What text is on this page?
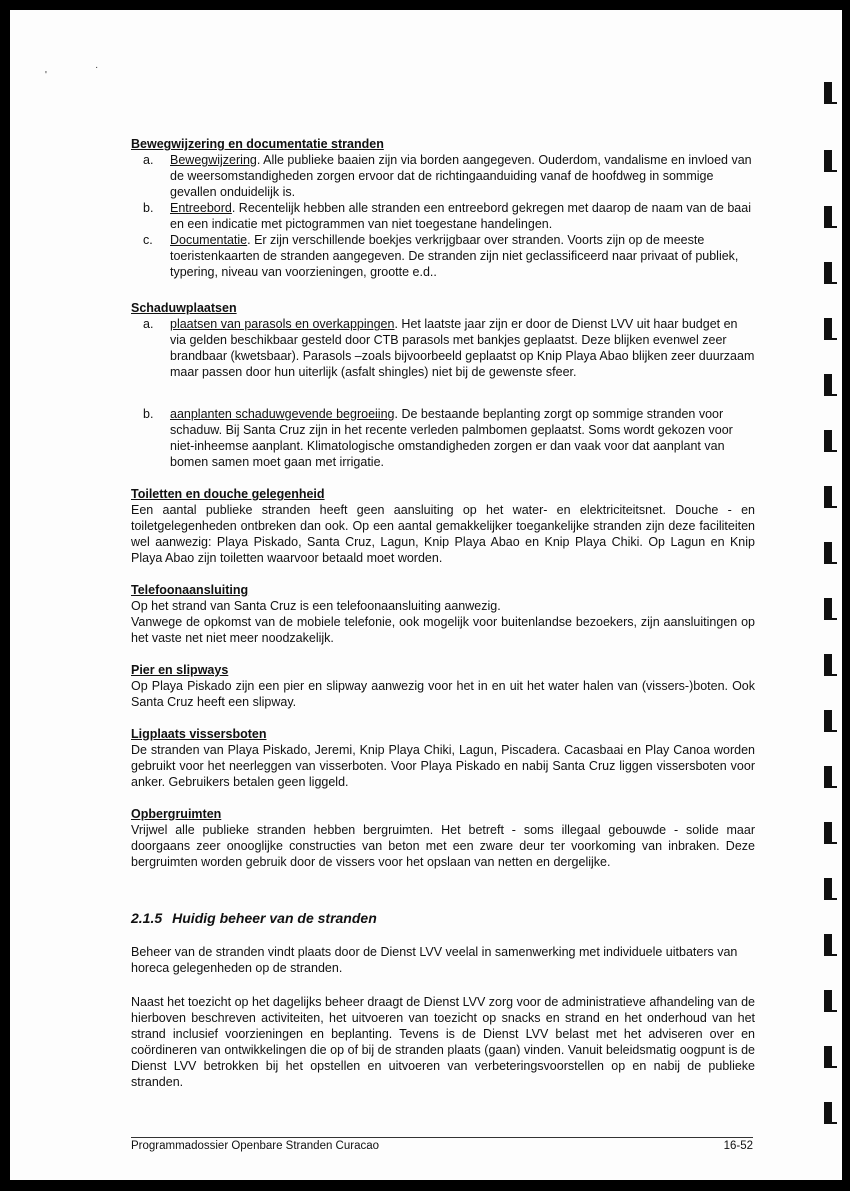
'
·
Bewegwijzering en documentatie stranden
a.	Bewegwijzering. Alle publieke baaien zijn via borden aangegeven. Ouderdom, vandalisme en invloed van de weersomstandigheden zorgen ervoor dat de richtingaanduiding vanaf de hoofdweg in sommige gevallen onduidelijk is.
b.	Entreebord. Recentelijk hebben alle stranden een entreebord gekregen met daarop de naam van de baai en een indicatie met pictogrammen van niet toegestane handelingen.
c.	Documentatie. Er zijn verschillende boekjes verkrijgbaar over stranden. Voorts zijn op de meeste toeristenkaarten de stranden aangegeven. De stranden zijn niet geclassificeerd naar privaat of publiek, typering, niveau van voorzieningen, grootte e.d..
Schaduwplaatsen
a.	plaatsen van parasols en overkappingen. Het laatste jaar zijn er door de Dienst LVV uit haar budget en via gelden beschikbaar gesteld door CTB parasols met bankjes geplaatst. Deze blijken evenwel zeer brandbaar (kwetsbaar). Parasols –zoals bijvoorbeeld geplaatst op Knip Playa Abao blijken zeer duurzaam maar passen door hun uiterlijk (asfalt shingles) niet bij de gewenste sfeer.
b.	aanplanten schaduwgevende begroeiing. De bestaande beplanting zorgt op sommige stranden voor schaduw. Bij Santa Cruz zijn in het recente verleden palmbomen geplaatst. Soms wordt gekozen voor niet-inheemse aanplant. Klimatologische omstandigheden zorgen er dan vaak voor dat aanplant van bomen samen moet gaan met irrigatie.
Toiletten en douche gelegenheid

Een aantal publieke stranden heeft geen aansluiting op het water- en elektriciteitsnet. Douche - en toiletgelegenheden ontbreken dan ook. Op een aantal gemakkelijker toegankelijke stranden zijn deze faciliteiten wel aanwezig: Playa Piskado, Santa Cruz, Lagun, Knip Playa Abao en Knip Playa Chiki. Op Lagun en Knip Playa Abao zijn toiletten waarvoor betaald moet worden.

Telefoonaansluiting

Op het strand van Santa Cruz is een telefoonaansluiting aanwezig.

Vanwege de opkomst van de mobiele telefonie, ook mogelijk voor buitenlandse bezoekers, zijn aansluitingen op het vaste net niet meer noodzakelijk.

Pier en slipways

Op Playa Piskado zijn een pier en slipway aanwezig voor het in en uit het water halen van (vissers-)boten. Ook Santa Cruz heeft een slipway.

Ligplaats vissersboten

De stranden van Playa Piskado, Jeremi, Knip Playa Chiki, Lagun, Piscadera. Cacasbaai en Play Canoa worden gebruikt voor het neerleggen van visserboten. Voor Playa Piskado en nabij Santa Cruz liggen vissersboten voor anker. Gebruikers betalen geen liggeld.

Opbergruimten

Vrijwel alle publieke stranden hebben bergruimten. Het betreft - soms illegaal gebouwde - solide maar doorgaans zeer onooglijke constructies van beton met een zware deur ter voorkoming van inbraken. Deze bergruimten worden gebruik door de vissers voor het opslaan van netten en dergelijke.

2.1.5 Huidig beheer van de stranden

Beheer van de stranden vindt plaats door de Dienst LVV veelal in samenwerking met individuele uitbaters van horeca gelegenheden op de stranden.

Naast het toezicht op het dagelijks beheer draagt de Dienst LVV zorg voor de administratieve afhandeling van de hierboven beschreven activiteiten, het uitvoeren van toezicht op snacks en strand en het onderhoud van het strand inclusief voorzieningen en beplanting. Tevens is de Dienst LVV belast met het adviseren over en coördineren van ontwikkelingen die op of bij de stranden plaats (gaan) vinden. Vanuit beleidsmatig oogpunt is de Dienst LVV betrokken bij het opstellen en uitvoeren van verbeteringsvoorstellen op en nabij de publieke stranden.

Programmadossier Openbare Stranden Curacao	16-52
